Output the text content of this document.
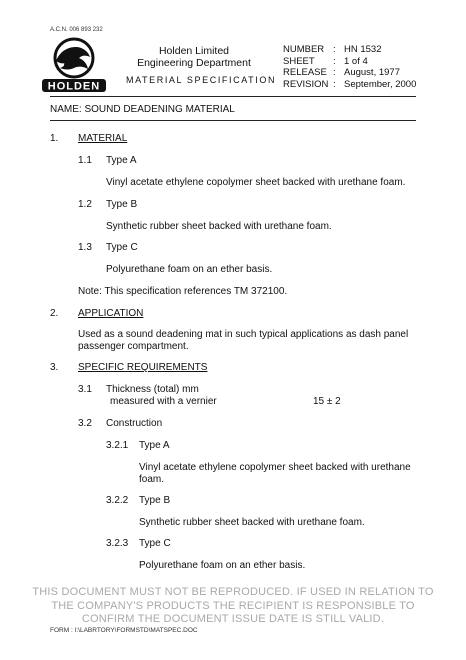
A.C.N. 006 893 232
HOLDEN
Holden Limited
Engineering Department
MATERIAL SPECIFICATION
NUMBER : HN 1532
SHEET : 1 of 4
RELEASE : August, 1977
REVISION : September, 2000
NAME: SOUND DEADENING MATERIAL
1. MATERIAL
1.1 Type A
Vinyl acetate ethylene copolymer sheet backed with urethane foam.
1.2 Type B
Synthetic rubber sheet backed with urethane foam.
1.3 Type C
Polyurethane foam on an ether basis.
Note: This specification references TM 372100.
2. APPLICATION
Used as a sound deadening mat in such typical applications as dash panel
passenger compartment.
3. SPECIFIC REQUIREMENTS
3.1 Thickness (total) mm
measured with a vernier	15 ± 2
3.2 Construction
3.2.1 Type A
Vinyl acetate ethylene copolymer sheet backed with urethane
foam.
3.2.2 Type B
Synthetic rubber sheet backed with urethane foam.
3.2.3 Type C
Polyurethane foam on an ether basis.
THIS DOCUMENT MUST NOT BE REPRODUCED. IF USED IN RELATION TO
THE COMPANY'S PRODUCTS THE RECIPIENT IS RESPONSIBLE TO
CONFIRM THE DOCUMENT ISSUE DATE IS STILL VALID.
FORM : I:\LABRTORY\FORMSTD\MATSPEC.DOC
